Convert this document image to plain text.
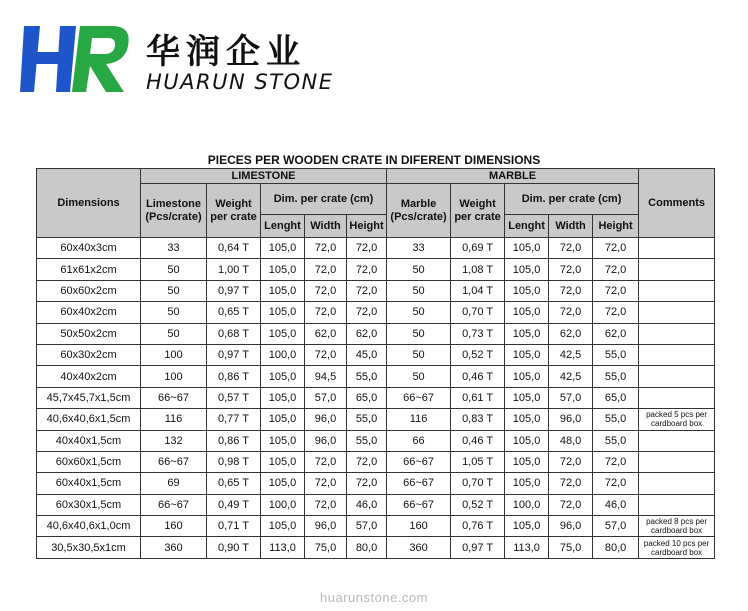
华润企业
HUARUN STONE
PIECES PER WOODEN CRATE IN DIFERENT DIMENSIONS
Dimensions	LIMESTONE					MARBLE					Comments
	Limestone (Pcs/crate)	Weight per crate	Dim. per crate (cm)			Marble (Pcs/crate)	Weight per crate	Dim. per crate (cm)			
			Lenght	Width	Height			Lenght	Width	Height	
60x40x3cm	33	0,64 T	105,0	72,0	72,0	33	0,69 T	105,0	72,0	72,0	
61x61x2cm	50	1,00 T	105,0	72,0	72,0	50	1,08 T	105,0	72,0	72,0	
60x60x2cm	50	0,97 T	105,0	72,0	72,0	50	1,04 T	105,0	72,0	72,0	
60x40x2cm	50	0,65 T	105,0	72,0	72,0	50	0,70 T	105,0	72,0	72,0	
50x50x2cm	50	0,68 T	105,0	62,0	62,0	50	0,73 T	105,0	62,0	62,0	
60x30x2cm	100	0,97 T	100,0	72,0	45,0	50	0,52 T	105,0	42,5	55,0	
40x40x2cm	100	0,86 T	105,0	94,5	55,0	50	0,46 T	105,0	42,5	55,0	
45,7x45,7x1,5cm	66~67	0,57 T	105,0	57,0	65,0	66~67	0,61 T	105,0	57,0	65,0	
40,6x40,6x1,5cm	116	0,77 T	105,0	96,0	55,0	116	0,83 T	105,0	96,0	55,0	packed 5 pcs per cardboard box
40x40x1,5cm	132	0,86 T	105,0	96,0	55,0	66	0,46 T	105,0	48,0	55,0	
60x60x1,5cm	66~67	0,98 T	105,0	72,0	72,0	66~67	1,05 T	105,0	72,0	72,0	
60x40x1,5cm	69	0,65 T	105,0	72,0	72,0	66~67	0,70 T	105,0	72,0	72,0	
60x30x1,5cm	66~67	0,49 T	100,0	72,0	46,0	66~67	0,52 T	100,0	72,0	46,0	
40,6x40,6x1,0cm	160	0,71 T	105,0	96,0	57,0	160	0,76 T	105,0	96,0	57,0	packed 8 pcs per cardboard box
30,5x30,5x1cm	360	0,90 T	113,0	75,0	80,0	360	0,97 T	113,0	75,0	80,0	packed 10 pcs per cardboard box
huarunstone.com
